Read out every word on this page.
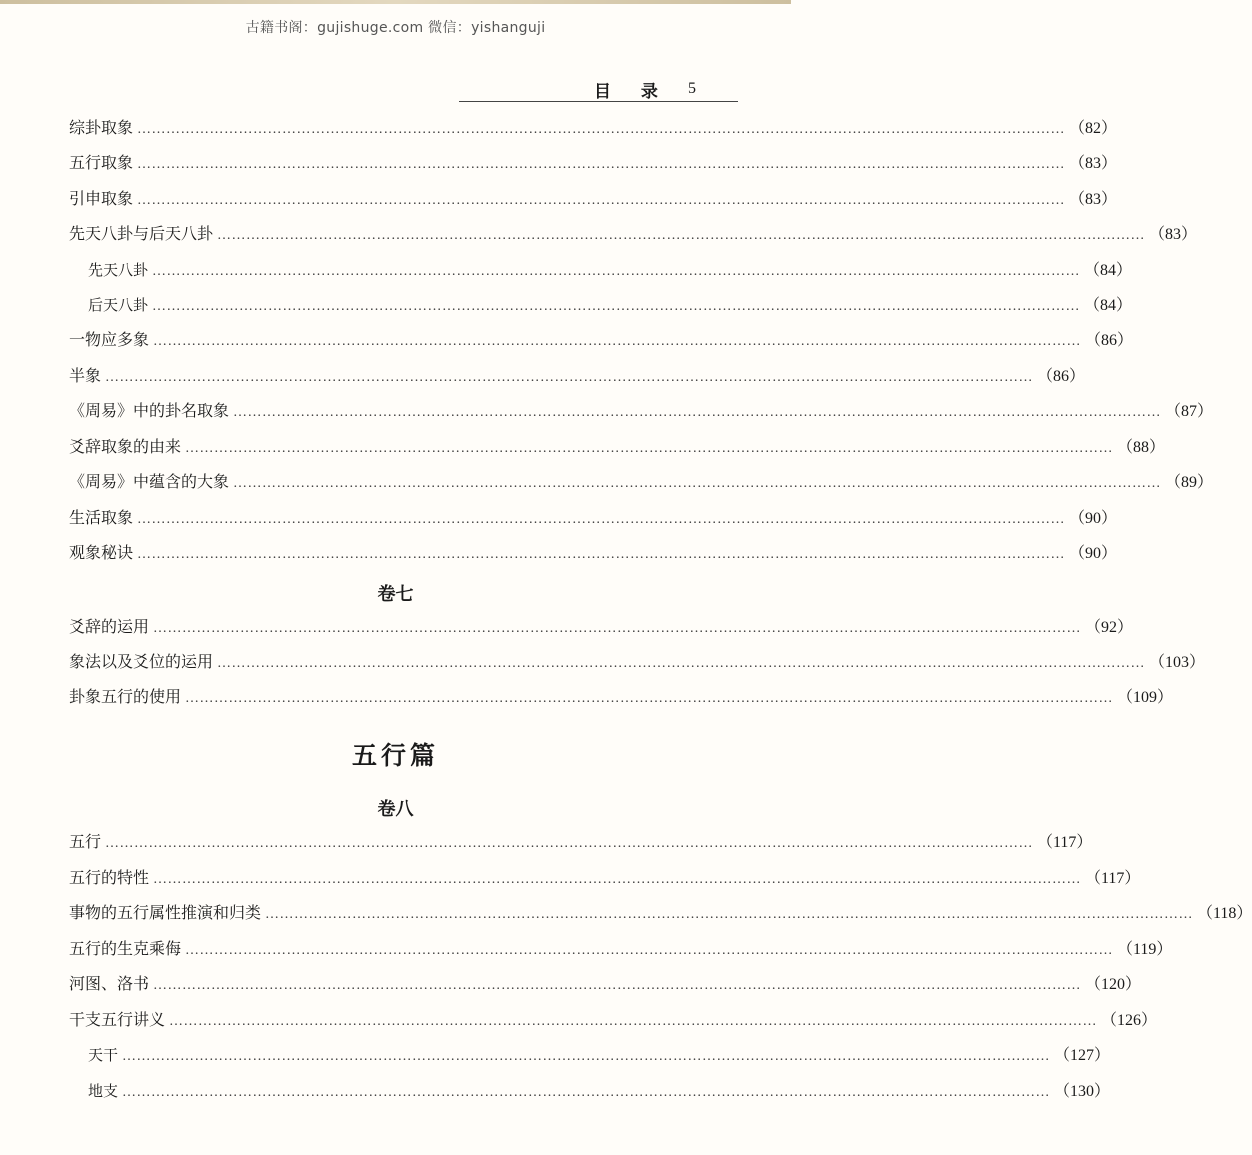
古籍书阁：gujishuge.com 微信：yishanguji
目 录 5
综卦取象 ………………………………………………………………………………………………………………………………………………………………………… （82）
五行取象 ………………………………………………………………………………………………………………………………………………………………………… （83）
引申取象 ………………………………………………………………………………………………………………………………………………………………………… （83）
先天八卦与后天八卦 ………………………………………………………………………………………………………………………………………………………………………… （83）
先天八卦 ………………………………………………………………………………………………………………………………………………………………………… （84）
后天八卦 ………………………………………………………………………………………………………………………………………………………………………… （84）
一物应多象 ………………………………………………………………………………………………………………………………………………………………………… （86）
半象 ………………………………………………………………………………………………………………………………………………………………………… （86）
《周易》中的卦名取象 ………………………………………………………………………………………………………………………………………………………………………… （87）
爻辞取象的由来 ………………………………………………………………………………………………………………………………………………………………………… （88）
《周易》中蕴含的大象 ………………………………………………………………………………………………………………………………………………………………………… （89）
生活取象 ………………………………………………………………………………………………………………………………………………………………………… （90）
观象秘诀 ………………………………………………………………………………………………………………………………………………………………………… （90）
卷七
爻辞的运用 ………………………………………………………………………………………………………………………………………………………………………… （92）
象法以及爻位的运用 ………………………………………………………………………………………………………………………………………………………………………… （103）
卦象五行的使用 ………………………………………………………………………………………………………………………………………………………………………… （109）
五行篇
卷八
五行 ………………………………………………………………………………………………………………………………………………………………………… （117）
五行的特性 ………………………………………………………………………………………………………………………………………………………………………… （117）
事物的五行属性推演和归类 ………………………………………………………………………………………………………………………………………………………………………… （118）
五行的生克乘侮 ………………………………………………………………………………………………………………………………………………………………………… （119）
河图、洛书 ………………………………………………………………………………………………………………………………………………………………………… （120）
干支五行讲义 ………………………………………………………………………………………………………………………………………………………………………… （126）
天干 ………………………………………………………………………………………………………………………………………………………………………… （127）
地支 ………………………………………………………………………………………………………………………………………………………………………… （130）
